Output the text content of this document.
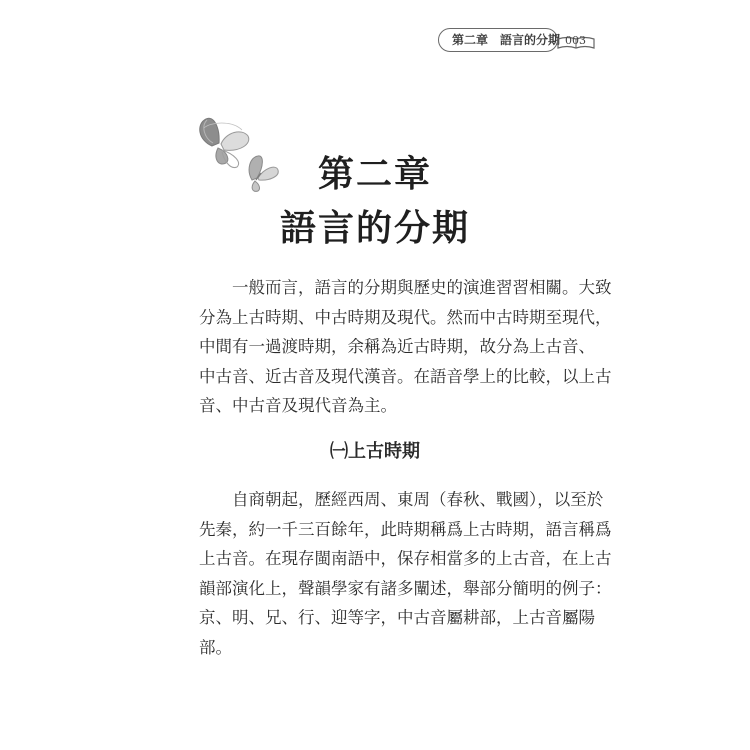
第二章　語言的分期 003
第二章
語言的分期

　　一般而言，語言的分期與歷史的演進習習相關。大致
分為上古時期、中古時期及現代。然而中古時期至現代，
中間有一過渡時期，余稱為近古時期，故分為上古音、
中古音、近古音及現代漢音。在語音學上的比較，以上古
音、中古音及現代音為主。

㈠上古時期

　　自商朝起，歷經西周、東周（春秋、戰國），以至於
先秦，約一千三百餘年，此時期稱爲上古時期，語言稱爲
上古音。在現存閩南語中，保存相當多的上古音，在上古
韻部演化上，聲韻學家有諸多闡述，舉部分簡明的例子：
京、明、兄、行、迎等字，中古音屬耕部，上古音屬陽
部。
